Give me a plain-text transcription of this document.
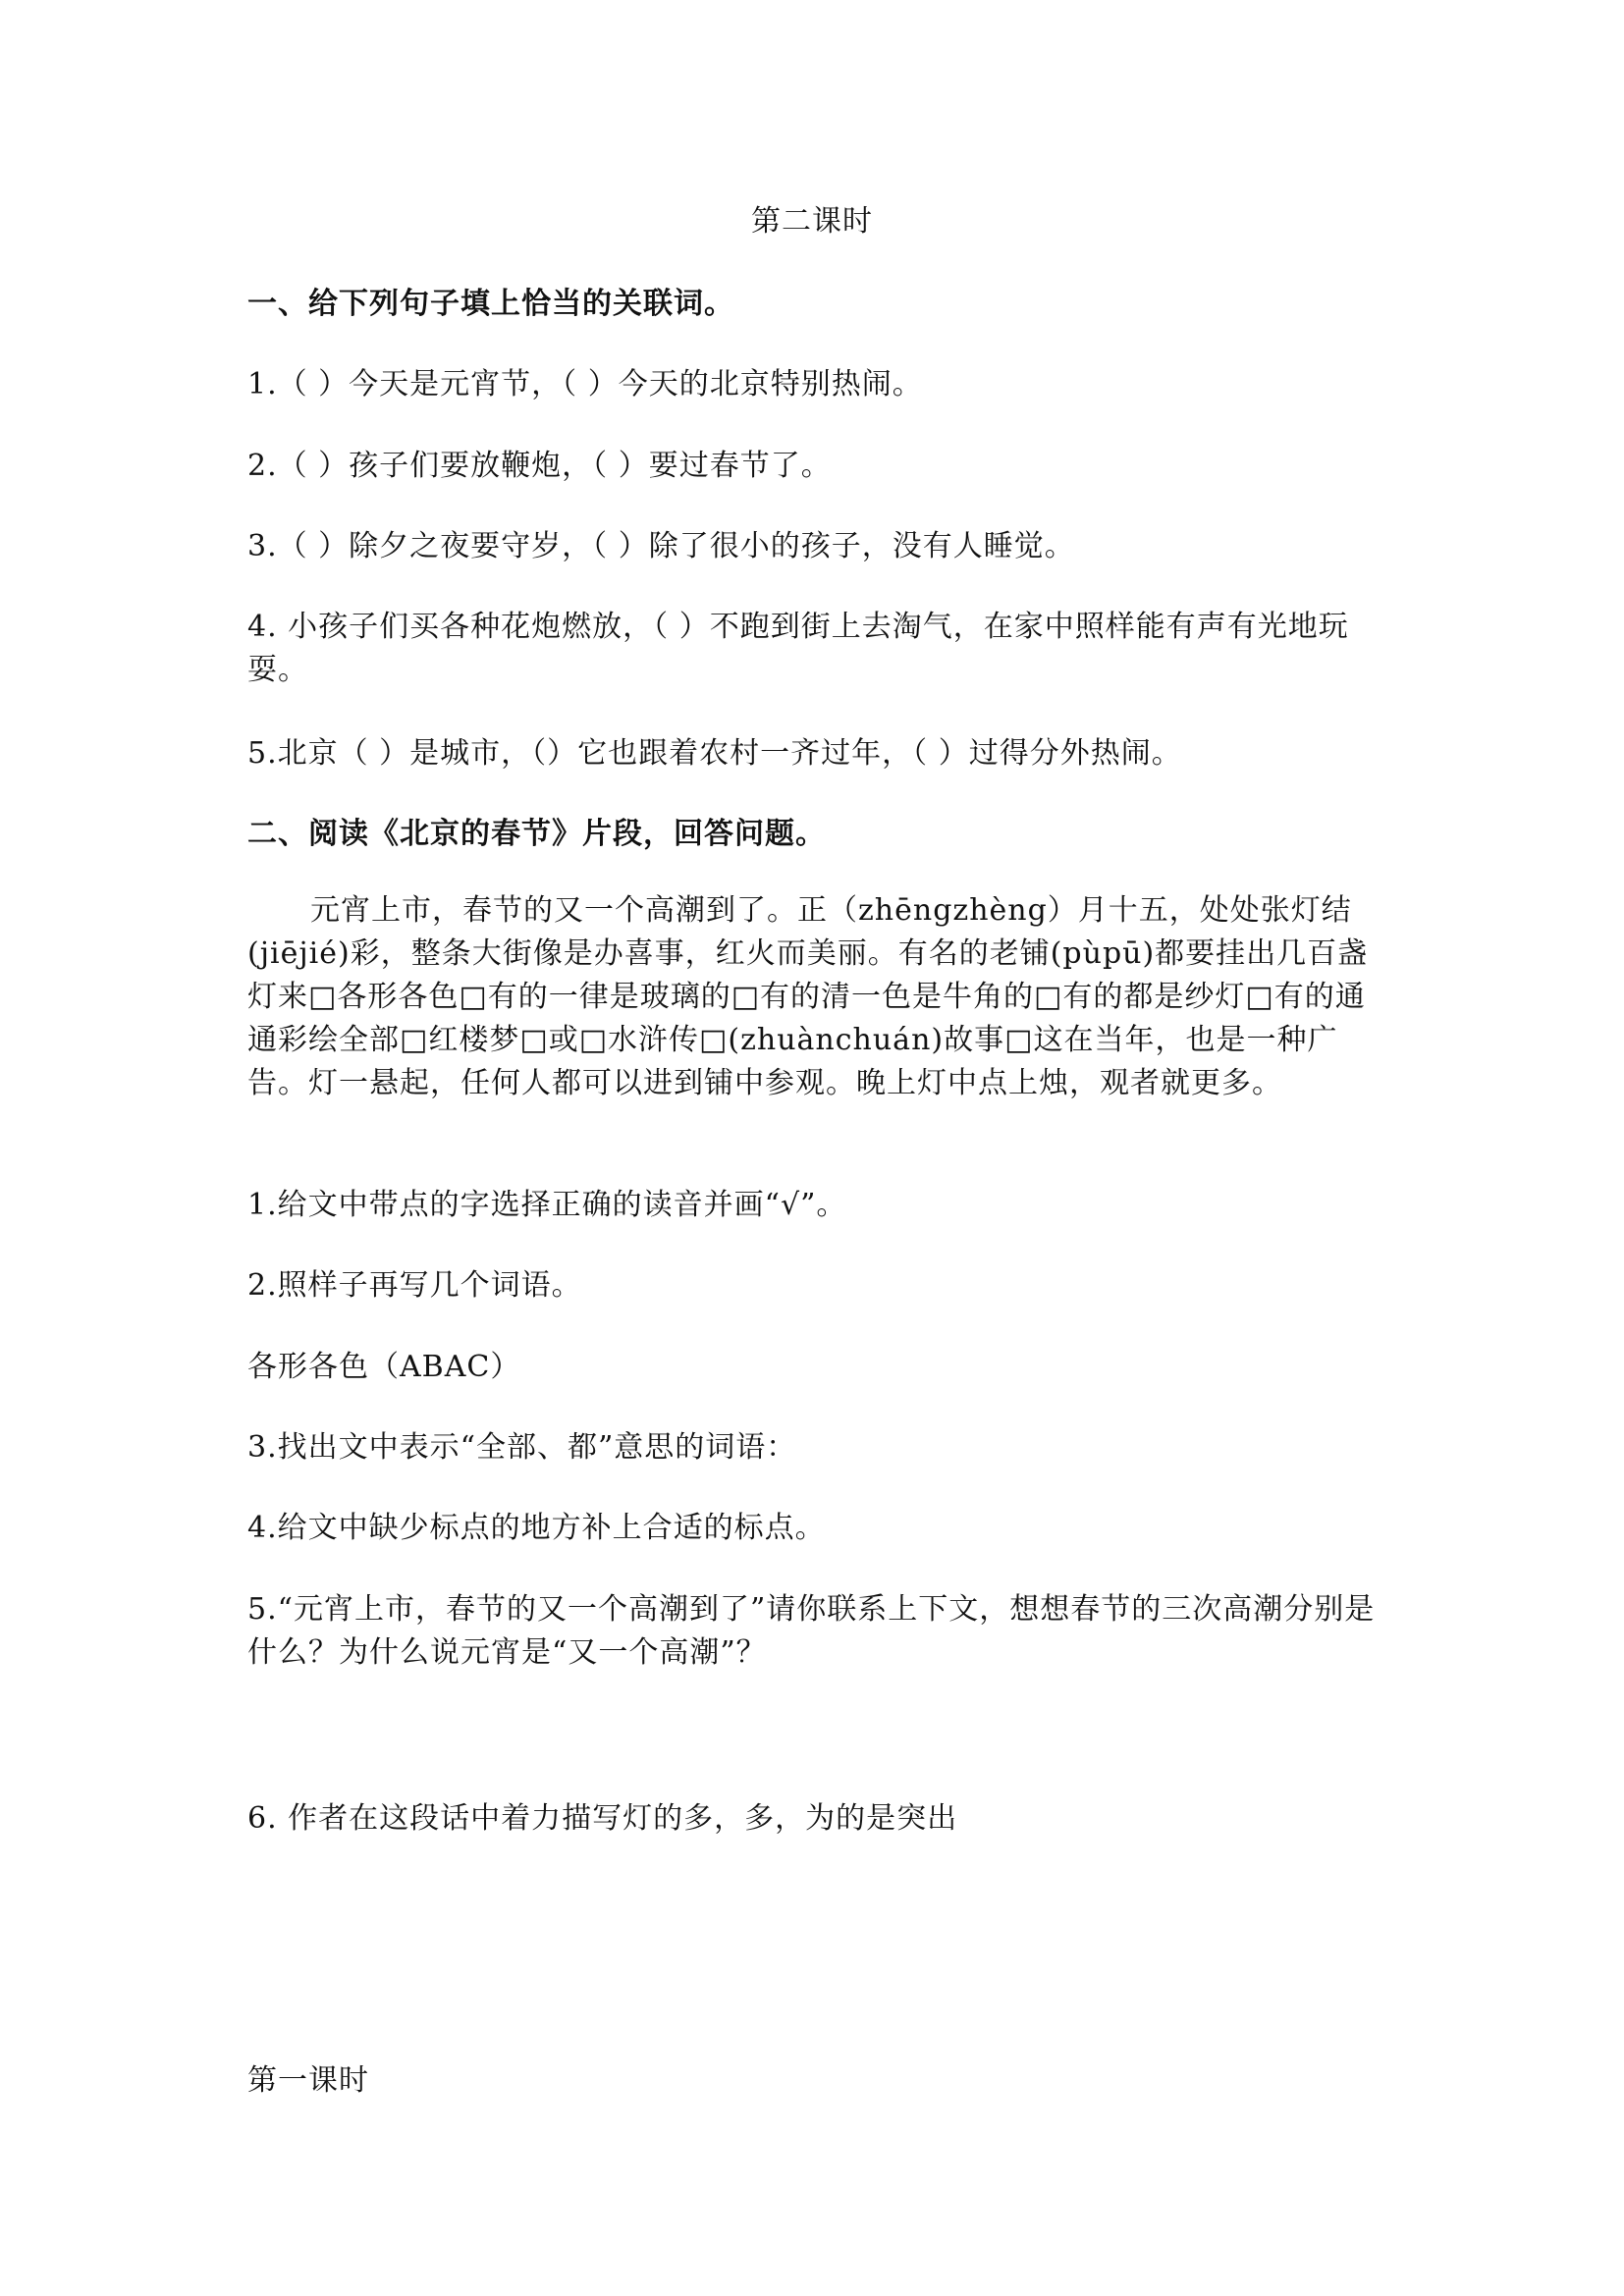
第二课时
一、给下列句子填上恰当的关联词。
1.（ ）今天是元宵节，（ ）今天的北京特别热闹。
2.（ ）孩子们要放鞭炮，（ ）要过春节了。
3.（ ）除夕之夜要守岁，（ ）除了很小的孩子，没有人睡觉。
4. 小孩子们买各种花炮燃放，（ ）不跑到街上去淘气，在家中照样能有声有光地玩耍。
5.北京（ ）是城市，（）它也跟着农村一齐过年，（ ）过得分外热闹。
二、阅读《北京的春节》片段，回答问题。
元宵上市，春节的又一个高潮到了。正（zhēngzhèng）月十五，处处张灯结(jiējié)彩，整条大街像是办喜事，红火而美丽。有名的老铺(pùpū)都要挂出几百盏灯来□各形各色□有的一律是玻璃的□有的清一色是牛角的□有的都是纱灯□有的通通彩绘全部□红楼梦□或□水浒传□(zhuànchuán)故事□这在当年，也是一种广告。灯一悬起，任何人都可以进到铺中参观。晚上灯中点上烛，观者就更多。
1.给文中带点的字选择正确的读音并画“√”。
2.照样子再写几个词语。
各形各色（ABAC）
3.找出文中表示“全部、都”意思的词语：
4.给文中缺少标点的地方补上合适的标点。
5.“元宵上市，春节的又一个高潮到了”请你联系上下文，想想春节的三次高潮分别是什么？为什么说元宵是“又一个高潮”？
6. 作者在这段话中着力描写灯的多，多，为的是突出
第一课时
